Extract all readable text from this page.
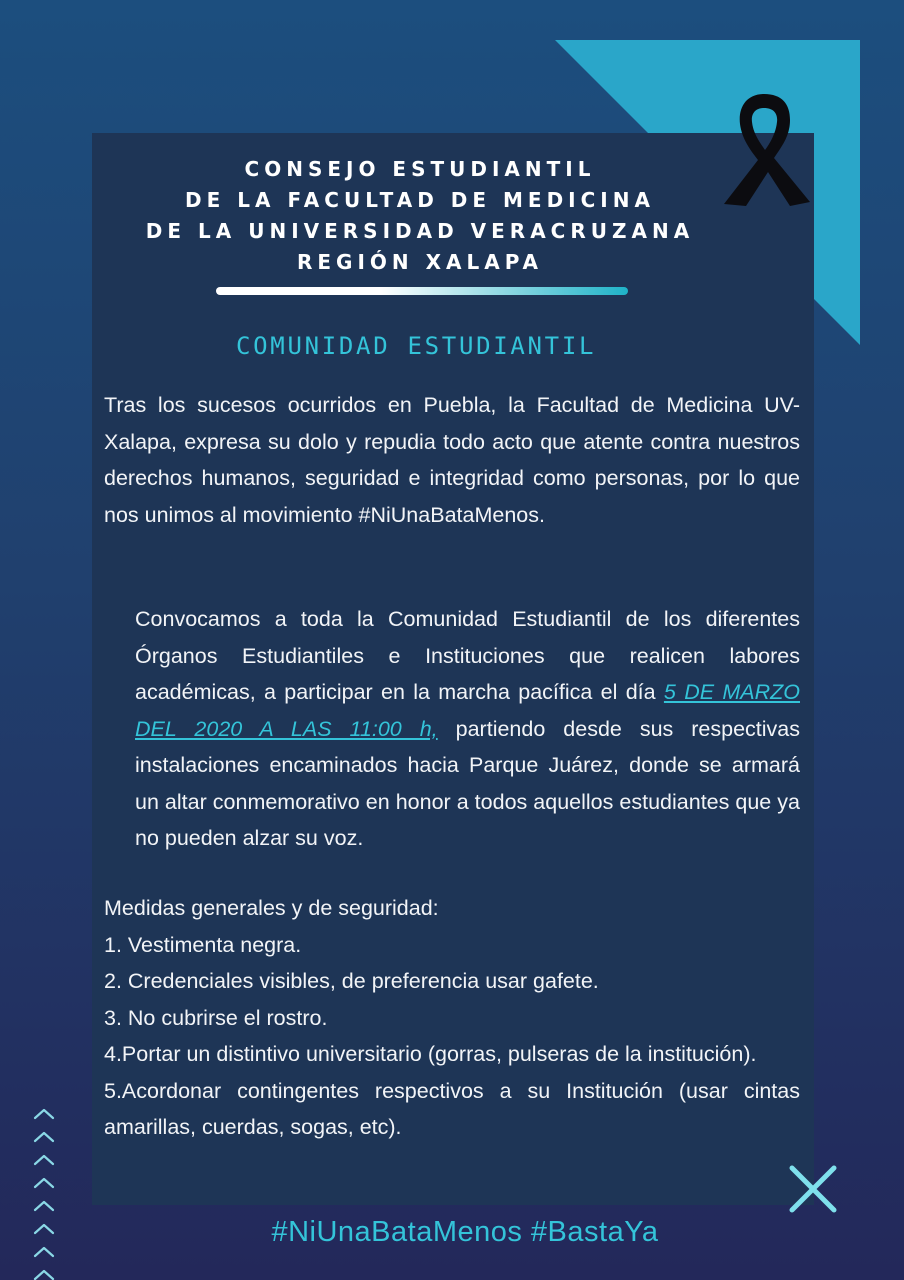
CONSEJO ESTUDIANTIL
DE LA FACULTAD DE MEDICINA
DE LA UNIVERSIDAD VERACRUZANA
REGIÓN XALAPA
COMUNIDAD ESTUDIANTIL

Tras los sucesos ocurridos en Puebla, la Facultad de Medicina UV-Xalapa, expresa su dolo y repudia todo acto que atente contra nuestros derechos humanos, seguridad e integridad como personas, por lo que nos unimos al movimiento #NiUnaBataMenos.

Convocamos a toda la Comunidad Estudiantil de los diferentes Órganos Estudiantiles e Instituciones que realicen labores académicas, a participar en la marcha pacífica el día 5 DE MARZO DEL 2020 A LAS 11:00 h, partiendo desde sus respectivas instalaciones encaminados hacia Parque Juárez, donde se armará un altar conmemorativo en honor a todos aquellos estudiantes que ya no pueden alzar su voz.

Medidas generales y de seguridad:
1. Vestimenta negra.
2. Credenciales visibles, de preferencia usar gafete.
3. No cubrirse el rostro.
4.Portar un distintivo universitario (gorras, pulseras de la institución).
5.Acordonar contingentes respectivos a su Institución (usar cintas amarillas, cuerdas, sogas, etc).
#NiUnaBataMenos #BastaYa
